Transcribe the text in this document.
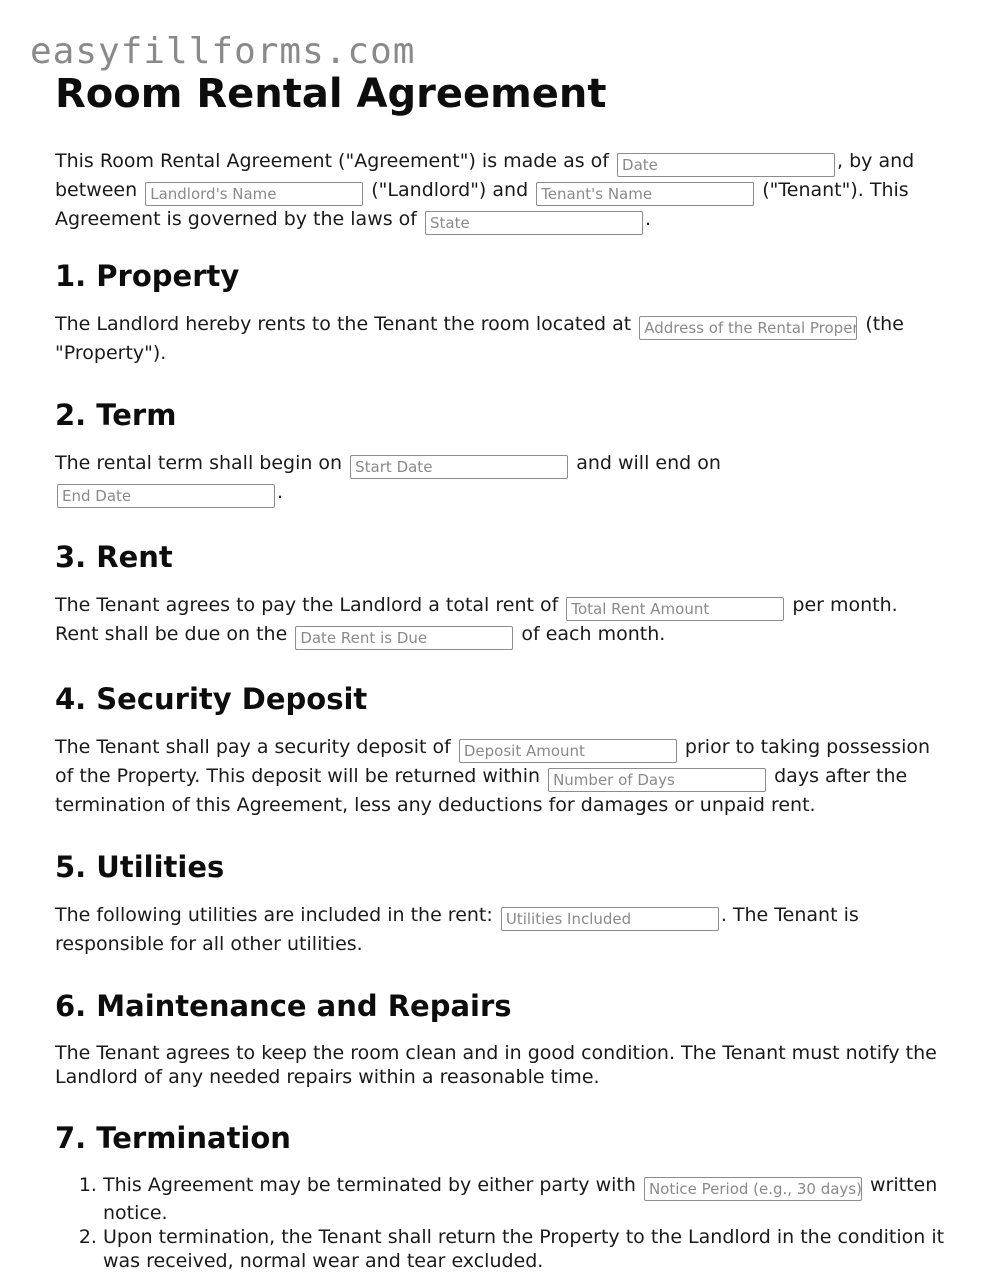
easyfillforms.com
Room Rental Agreement

This Room Rental Agreement ("Agreement") is made as of Date	, by and between Landlord's Name	("Landlord") and Tenant's Name	("Tenant"). This Agreement is governed by the laws of State	.

1. Property

The Landlord hereby rents to the Tenant the room located at Address of the Rental Property	(the "Property").

2. Term

The rental term shall begin on Start Date	and will end on End Date.

3. Rent

The Tenant agrees to pay the Landlord a total rent of Total Rent Amount	per month. Rent shall be due on the Date Rent is Due	of each month.

4. Security Deposit

The Tenant shall pay a security deposit of Deposit Amount	prior to taking possession of the Property. This deposit will be returned within Number of Days	days after the termination of this Agreement, less any deductions for damages or unpaid rent.

5. Utilities

The following utilities are included in the rent: Utilities Included	. The Tenant is responsible for all other utilities.

6. Maintenance and Repairs

The Tenant agrees to keep the room clean and in good condition. The Tenant must notify the Landlord of any needed repairs within a reasonable time.

7. Termination
1. This Agreement may be terminated by either party with Notice Period (e.g., 30 days)	written notice.
2. Upon termination, the Tenant shall return the Property to the Landlord in the condition it was received, normal wear and tear excluded.
